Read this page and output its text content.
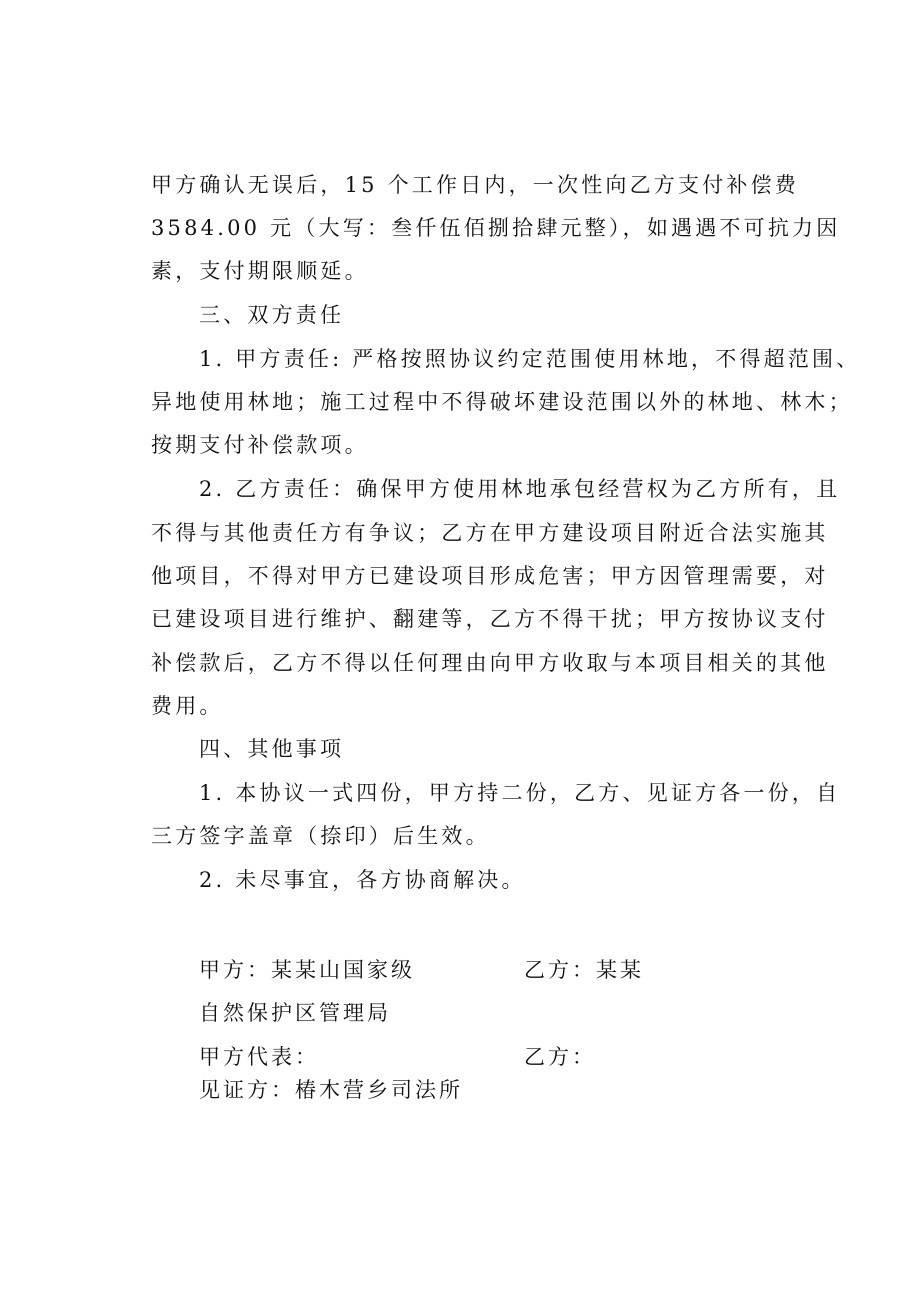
甲方确认无误后，15 个工作日内，一次性向乙方支付补偿费
3584.00 元（大写：叁仟伍佰捌拾肆元整），如遇遇不可抗力因
素，支付期限顺延。
三、双方责任
1. 甲方责任: 严格按照协议约定范围使用林地，不得超范围、
异地使用林地；施工过程中不得破坏建设范围以外的林地、林木；
按期支付补偿款项。
2. 乙方责任：确保甲方使用林地承包经营权为乙方所有，且
不得与其他责任方有争议；乙方在甲方建设项目附近合法实施其
他项目，不得对甲方已建设项目形成危害；甲方因管理需要，对
已建设项目进行维护、翻建等，乙方不得干扰；甲方按协议支付
补偿款后，乙方不得以任何理由向甲方收取与本项目相关的其他
费用。
四、其他事项
1. 本协议一式四份，甲方持二份，乙方、见证方各一份，自
三方签字盖章（捺印）后生效。
2. 未尽事宜，各方协商解决。
甲方：某某山国家级	乙方：某某
自然保护区管理局
甲方代表：	乙方：
见证方：椿木营乡司法所
